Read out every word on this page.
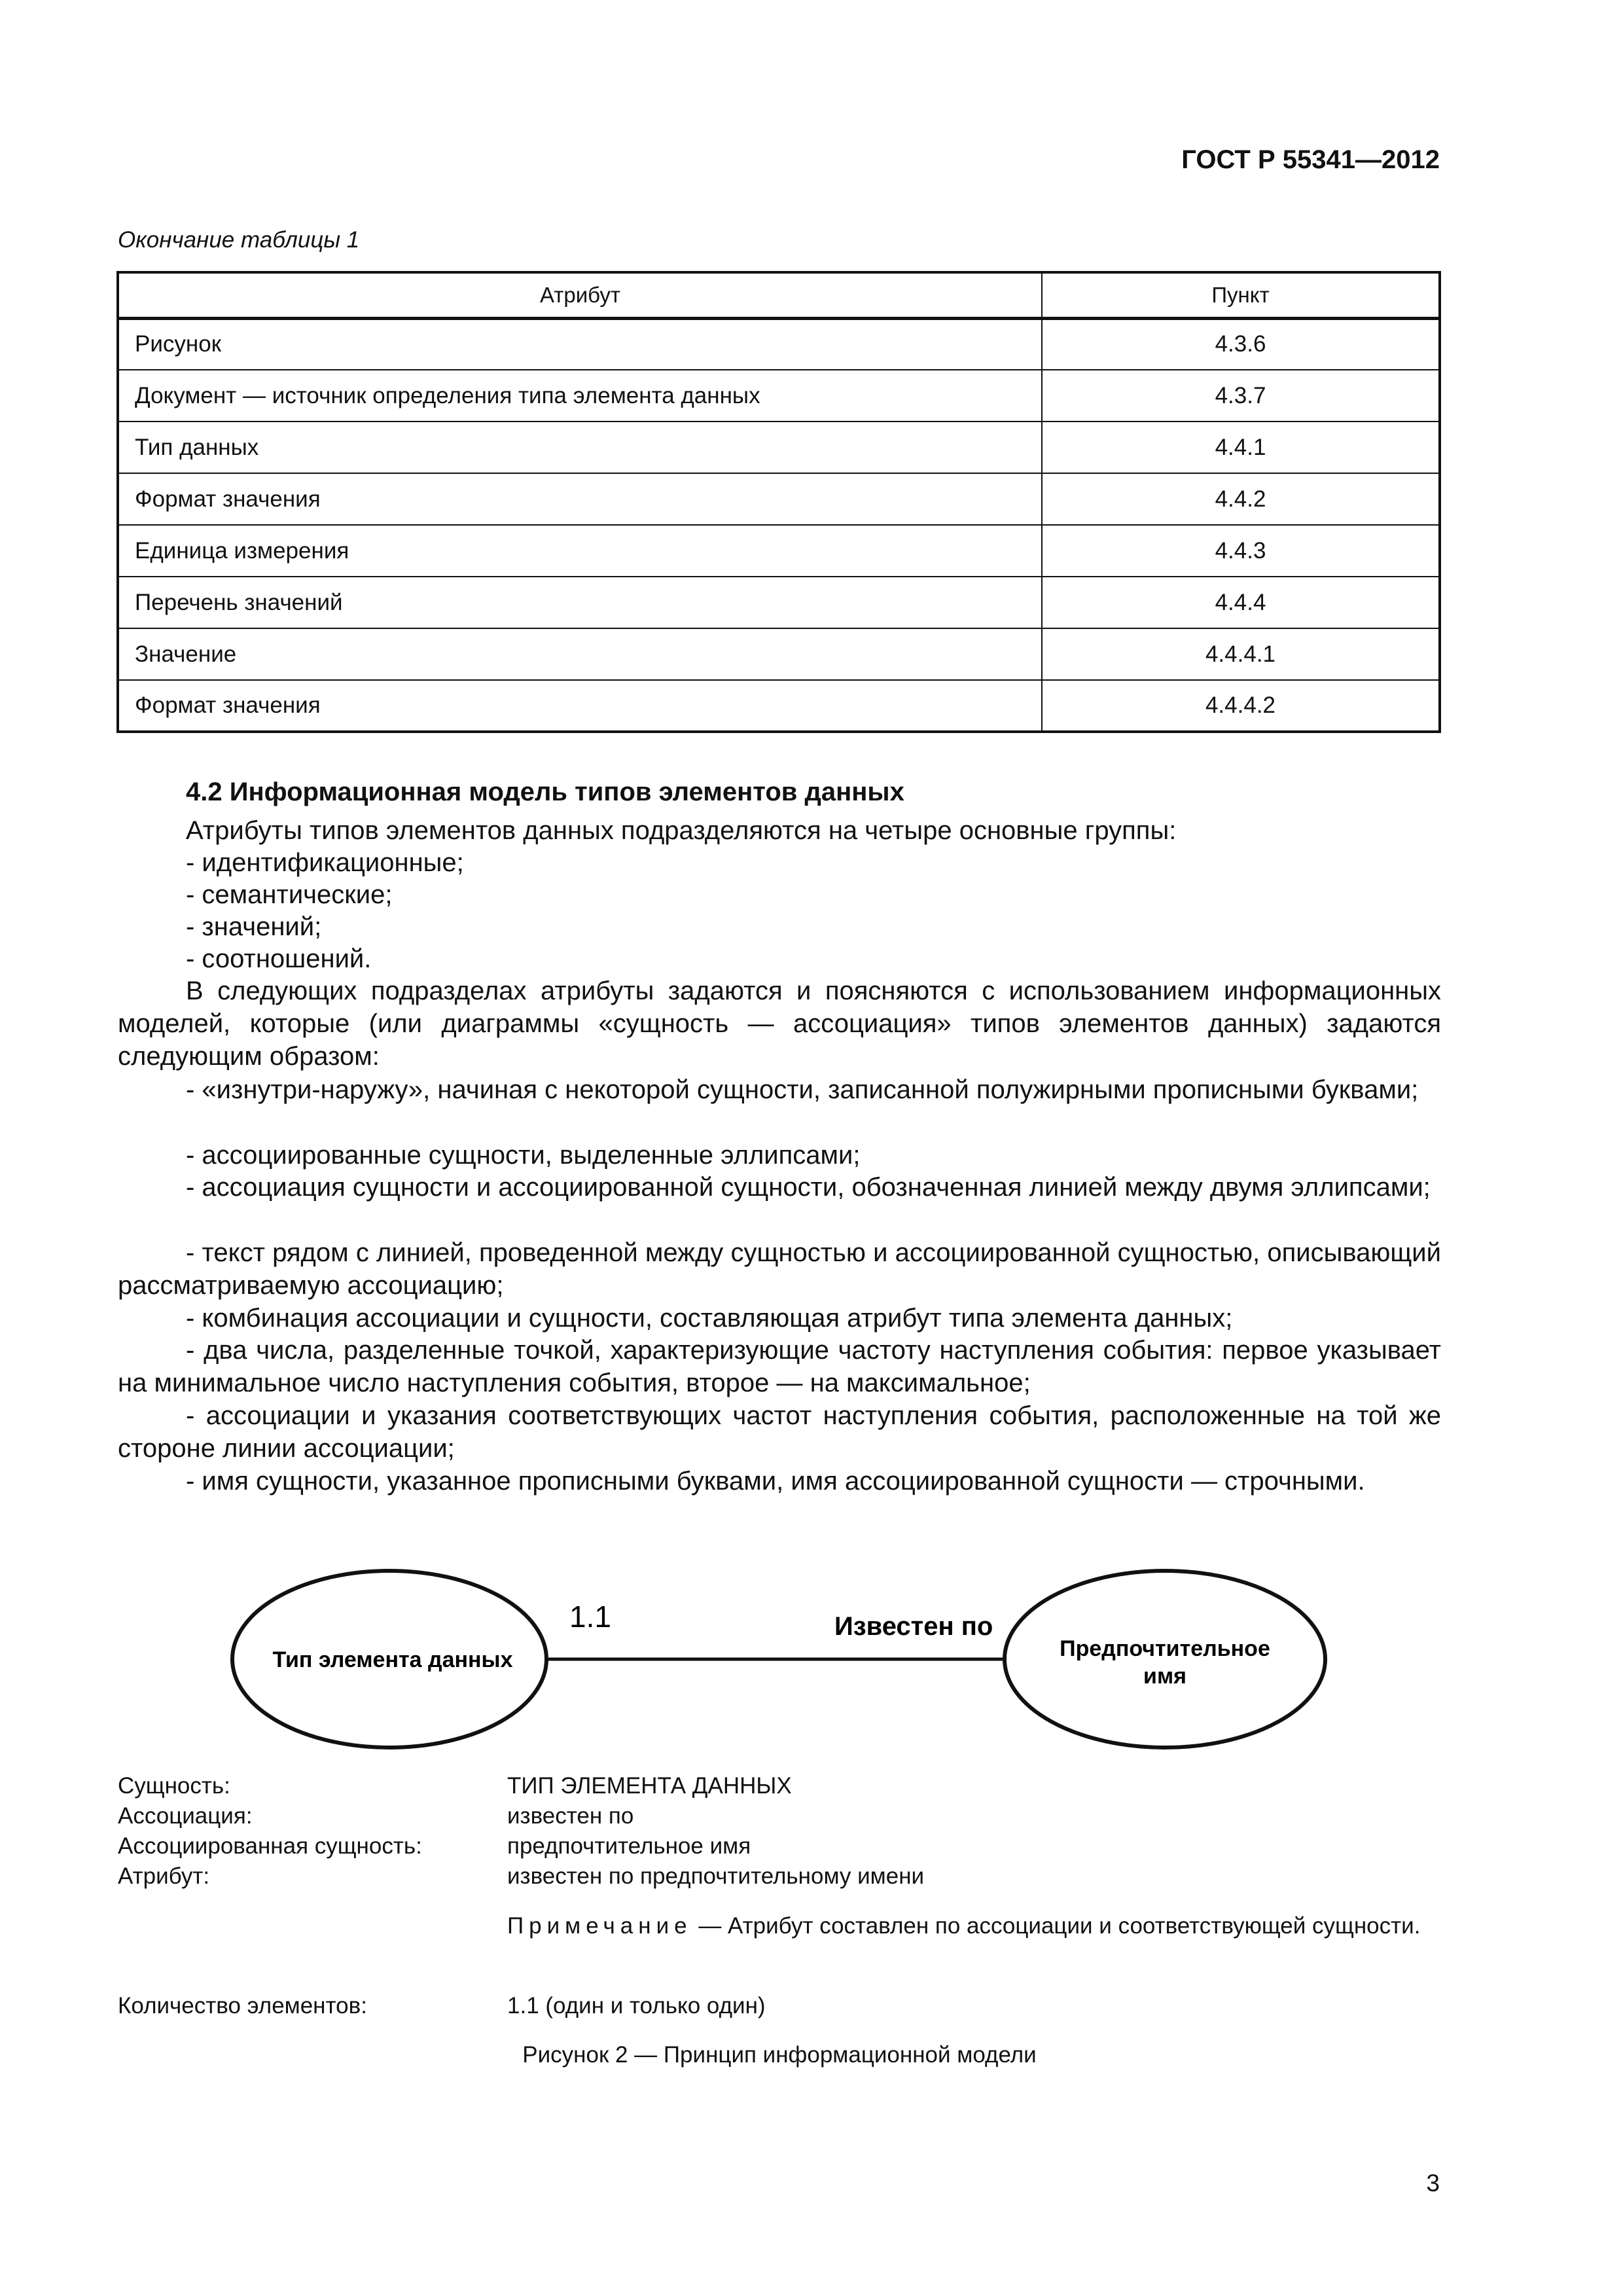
ГОСТ Р 55341—2012
Окончание таблицы 1
Атрибут	Пункт
Рисунок	4.3.6
Документ — источник определения типа элемента данных	4.3.7
Тип данных	4.4.1
Формат значения	4.4.2
Единица измерения	4.4.3
Перечень значений	4.4.4
Значение	4.4.4.1
Формат значения	4.4.4.2
4.2 Информационная модель типов элементов данных
Атрибуты типов элементов данных подразделяются на четыре основные группы:
- идентификационные;
- семантические;
- значений;
- соотношений.
В следующих подразделах атрибуты задаются и поясняются с использованием информационных моделей, которые (или диаграммы «сущность — ассоциация» типов элементов данных) задаются следующим образом:
- «изнутри-наружу», начиная с некоторой сущности, записанной полужирными прописными буквами;
- ассоциированные сущности, выделенные эллипсами;
- ассоциация сущности и ассоциированной сущности, обозначенная линией между двумя эллипсами;
- текст рядом с линией, проведенной между сущностью и ассоциированной сущностью, описывающий рассматриваемую ассоциацию;
- комбинация ассоциации и сущности, составляющая атрибут типа элемента данных;
- два числа, разделенные точкой, характеризующие частоту наступления события: первое указывает на минимальное число наступления события, второе — на максимальное;
- ассоциации и указания соответствующих частот наступления события, расположенные на той же стороне линии ассоциации;
- имя сущности, указанное прописными буквами, имя ассоциированной сущности — строчными.
Тип элемента данных
1.1	Известен по
Предпочтительное
имя
Сущность:	ТИП ЭЛЕМЕНТА ДАННЫХ
Ассоциация:	известен по
Ассоциированная сущность:	предпочтительное имя
Атрибут:	известен по предпочтительному имени
Примечание — Атрибут составлен по ассоциации и соответствующей сущности.
Количество элементов:	1.1 (один и только один)
Рисунок 2 — Принцип информационной модели
3
